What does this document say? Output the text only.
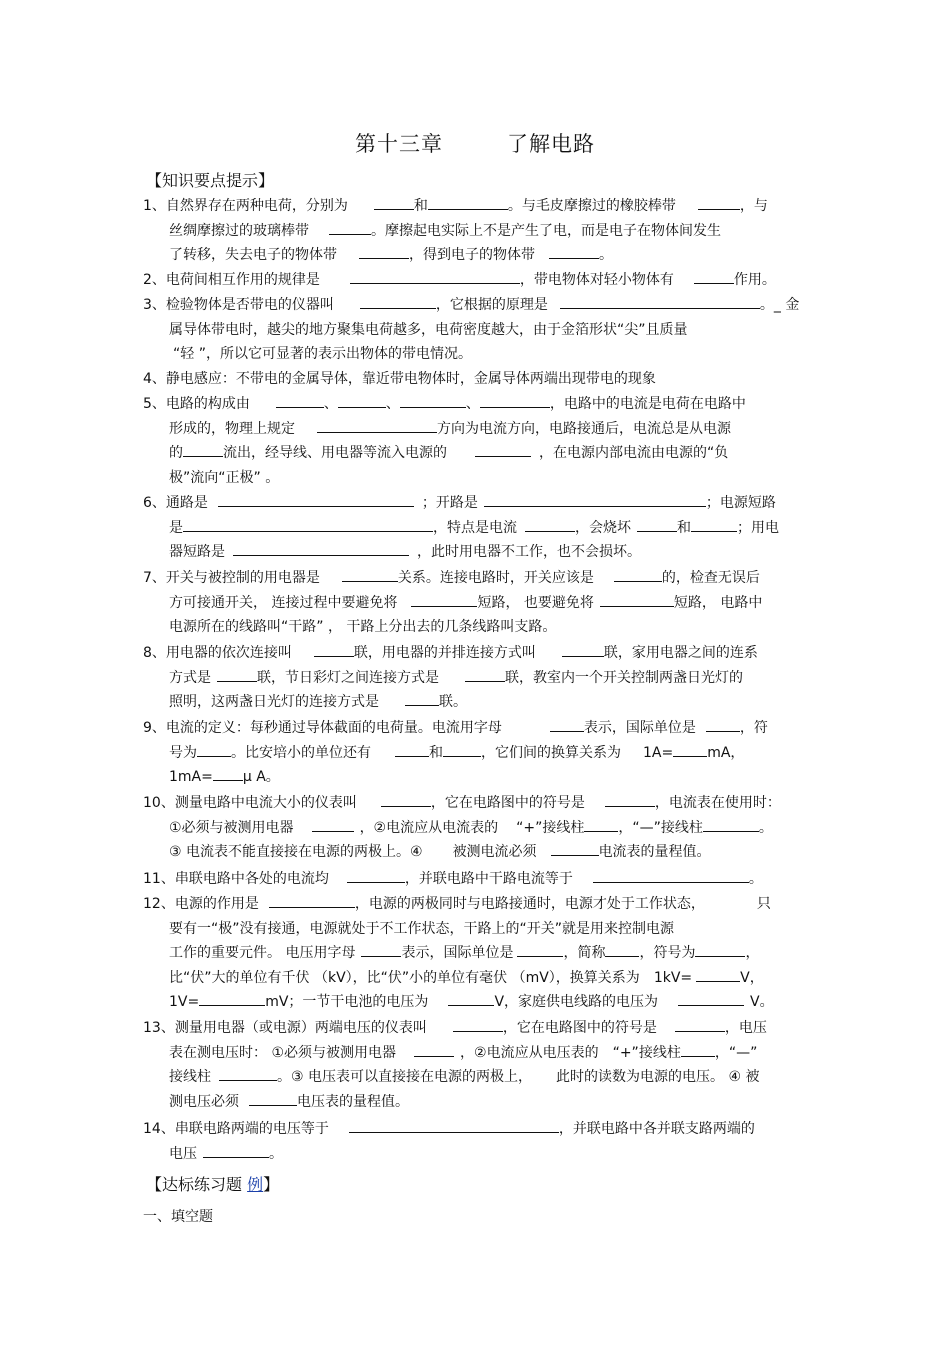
第十三章	了解电路
【知识要点提示】

1、自然界存在两种电荷，分别为	和	。与毛皮摩擦过的橡胶棒带	，与

丝绸摩擦过的玻璃棒带	。摩擦起电实际上不是产生了电，而是电子在物体间发生

了转移，失去电子的物体带	，得到电子的物体带	。

2、电荷间相互作用的规律是	，带电物体对轻小物体有	作用。

3、检验物体是否带电的仪器叫	，它根据的原理是	。_ 金

属导体带电时，越尖的地方聚集电荷越多，电荷密度越大，由于金箔形状“尖”且质量

“轻 ”，所以它可显著的表示出物体的带电情况。

4、静电感应：不带电的金属导体，靠近带电物体时，金属导体两端出现带电的现象

5、电路的构成由	、	、	、	，电路中的电流是电荷在电路中

形成的，物理上规定	方向为电流方向，电路接通后，电流总是从电源

的	流出，经导线、用电器等流入电源的	，在电源内部电流由电源的“负

极”流向“正极” 。

6、通路是	；开路是	；电源短路

是	，特点是电流	，会烧坏	和	；用电

器短路是	，此时用电器不工作，也不会损坏。

7、开关与被控制的用电器是	关系。连接电路时，开关应该是	的，检查无误后

方可接通开关， 连接过程中要避免将	短路， 也要避免将	短路， 电路中

电源所在的线路叫“干路” ， 干路上分出去的几条线路叫支路。

8、用电器的依次连接叫	联，用电器的并排连接方式叫	联，家用电器之间的连系

方式是	联，节日彩灯之间连接方式是	联，教室内一个开关控制两盏日光灯的

照明，这两盏日光灯的连接方式是	联。

9、电流的定义：每秒通过导体截面的电荷量。电流用字母	表示，国际单位是	，符

号为 。比安培小的单位还有	和	，它们间的换算关系为 1A= mA，

1mA= μ A。

10、测量电路中电流大小的仪表叫	，它在电路图中的符号是	，电流表在使用时：

①必须与被测用电器	，②电流应从电流表的 “+”接线柱 ，“—”接线柱	。

③ 电流表不能直接接在电源的两极上。④ 被测电流必须	电流表的量程值。

11、串联电路中各处的电流均	，并联电路中干路电流等于	。

12、电源的作用是	，电源的两极同时与电路接通时，电源才处于工作状态，	只

要有一“极”没有接通，电源就处于不工作状态，干路上的“开关”就是用来控制电源

工作的重要元件。 电压用字母	表示，国际单位是	，简称 ，符号为	，

比“伏”大的单位有千伏 （kV），比“伏”小的单位有毫伏 （mV），换算关系为 1kV=	V，

1V=	mV；一节干电池的电压为	V，家庭供电线路的电压为	V。

13、测量用电器（或电源）两端电压的仪表叫	，它在电路图中的符号是	，电压

表在测电压时： ①必须与被测用电器	，②电流应从电压表的 “+”接线柱 ，“—”

接线柱	。③ 电压表可以直接接在电源的两极上， 此时的读数为电源的电压。 ④ 被

测电压必须	电压表的量程值。

14、串联电路两端的电压等于	，并联电路中各并联支路两端的

电压	。

【达标练习题 例】
一、填空题
